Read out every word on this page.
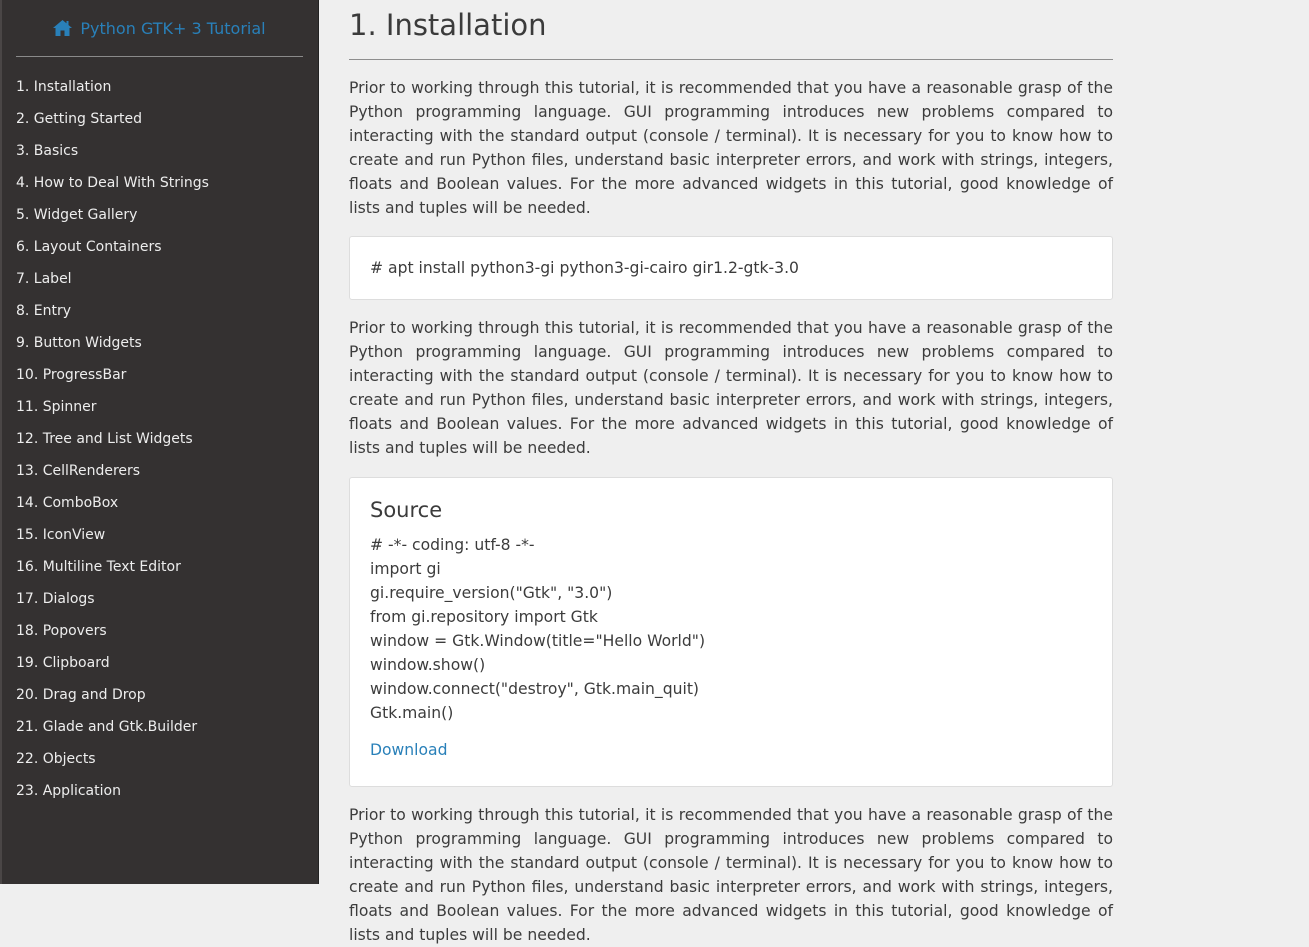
Python GTK+ 3 Tutorial
1. Installation
2. Getting Started
3. Basics
4. How to Deal With Strings
5. Widget Gallery
6. Layout Containers
7. Label
8. Entry
9. Button Widgets
10. ProgressBar
11. Spinner
12. Tree and List Widgets
13. CellRenderers
14. ComboBox
15. IconView
16. Multiline Text Editor
17. Dialogs
18. Popovers
19. Clipboard
20. Drag and Drop
21. Glade and Gtk.Builder
22. Objects
23. Application
1. Installation

Prior to working through this tutorial, it is recommended that you have a reasonable grasp of the Python programming language. GUI programming introduces new problems compared to interacting with the standard output (console / terminal). It is necessary for you to know how to create and run Python files, understand basic interpreter errors, and work with strings, integers, floats and Boolean values. For the more advanced widgets in this tutorial, good knowledge of lists and tuples will be needed.

# apt install python3-gi python3-gi-cairo gir1.2-gtk-3.0

Prior to working through this tutorial, it is recommended that you have a reasonable grasp of the Python programming language. GUI programming introduces new problems compared to interacting with the standard output (console / terminal). It is necessary for you to know how to create and run Python files, understand basic interpreter errors, and work with strings, integers, floats and Boolean values. For the more advanced widgets in this tutorial, good knowledge of lists and tuples will be needed.

Source
# -*- coding: utf-8 -*-
import gi
gi.require_version("Gtk", "3.0")
from gi.repository import Gtk
window = Gtk.Window(title="Hello World")
window.show()
window.connect("destroy", Gtk.main_quit)
Gtk.main()
Download

Prior to working through this tutorial, it is recommended that you have a reasonable grasp of the Python programming language. GUI programming introduces new problems compared to interacting with the standard output (console / terminal). It is necessary for you to know how to create and run Python files, understand basic interpreter errors, and work with strings, integers, floats and Boolean values. For the more advanced widgets in this tutorial, good knowledge of lists and tuples will be needed.
